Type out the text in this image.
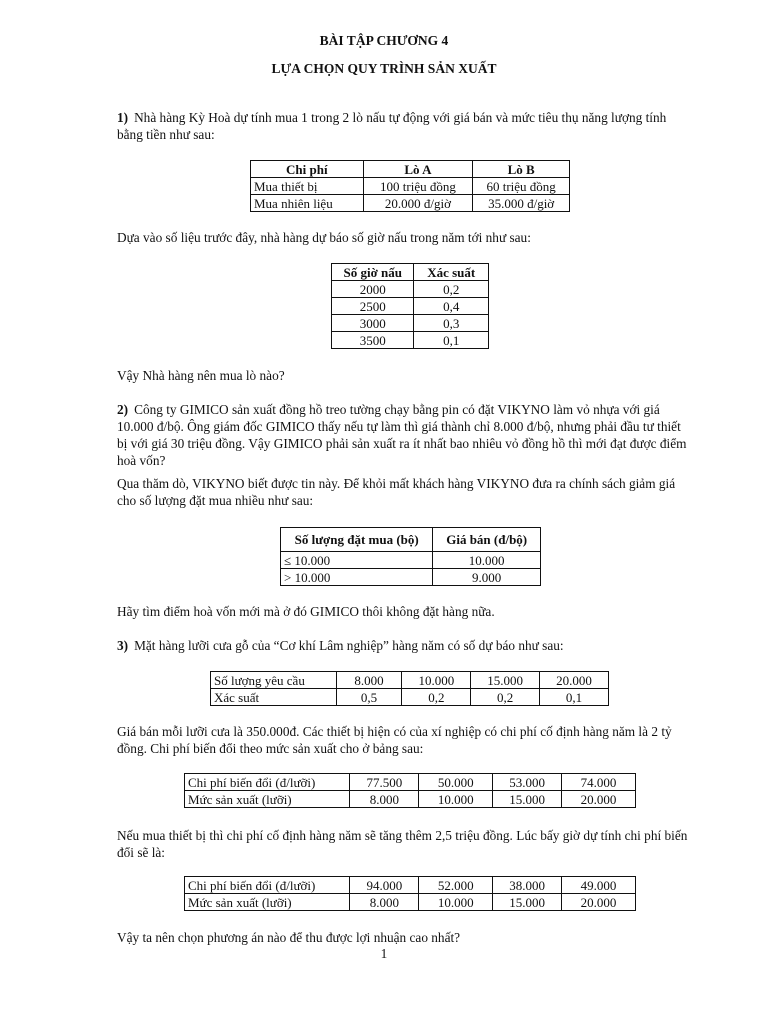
BÀI TẬP CHƯƠNG 4
LỰA CHỌN QUY TRÌNH SẢN XUẤT

1) Nhà hàng Kỳ Hoà dự tính mua 1 trong 2 lò nấu tự động với giá bán và mức tiêu thụ năng lượng tính bằng tiền như sau:

Chi phí	Lò A	Lò B
Mua thiết bị	100 triệu đồng	60 triệu đồng
Mua nhiên liệu	20.000 đ/giờ	35.000 đ/giờ

Dựa vào số liệu trước đây, nhà hàng dự báo số giờ nấu trong năm tới như sau:

Số giờ nấu	Xác suất
2000	0,2
2500	0,4
3000	0,3
3500	0,1

Vậy Nhà hàng nên mua lò nào?

2) Công ty GIMICO sản xuất đồng hồ treo tường chạy bằng pin có đặt VIKYNO làm vỏ nhựa với giá 10.000 đ/bộ. Ông giám đốc GIMICO thấy nếu tự làm thì giá thành chỉ 8.000 đ/bộ, nhưng phải đầu tư thiết bị với giá 30 triệu đồng. Vậy GIMICO phải sản xuất ra ít nhất bao nhiêu vỏ đồng hồ thì mới đạt được điểm hoà vốn?

Qua thăm dò, VIKYNO biết được tin này. Để khỏi mất khách hàng VIKYNO đưa ra chính sách giảm giá cho số lượng đặt mua nhiều như sau:

Số lượng đặt mua (bộ)	Giá bán (đ/bộ)
≤ 10.000	10.000
> 10.000	9.000

Hãy tìm điểm hoà vốn mới mà ở đó GIMICO thôi không đặt hàng nữa.

3) Mặt hàng lưỡi cưa gỗ của “Cơ khí Lâm nghiệp” hàng năm có số dự báo như sau:

Số lượng yêu cầu	8.000	10.000	15.000	20.000
Xác suất	0,5	0,2	0,2	0,1

Giá bán mỗi lưỡi cưa là 350.000đ. Các thiết bị hiện có của xí nghiệp có chi phí cố định hàng năm là 2 tỷ đồng. Chi phí biến đổi theo mức sản xuất cho ở bảng sau:

Chi phí biến đổi (đ/lưỡi)	77.500	50.000	53.000	74.000
Mức sản xuất (lưỡi)	8.000	10.000	15.000	20.000

Nếu mua thiết bị thì chi phí cố định hàng năm sẽ tăng thêm 2,5 triệu đồng. Lúc bấy giờ dự tính chi phí biến đổi sẽ là:

Chi phí biến đổi (đ/lưỡi)	94.000	52.000	38.000	49.000
Mức sản xuất (lưỡi)	8.000	10.000	15.000	20.000

Vậy ta nên chọn phương án nào để thu được lợi nhuận cao nhất?

1
